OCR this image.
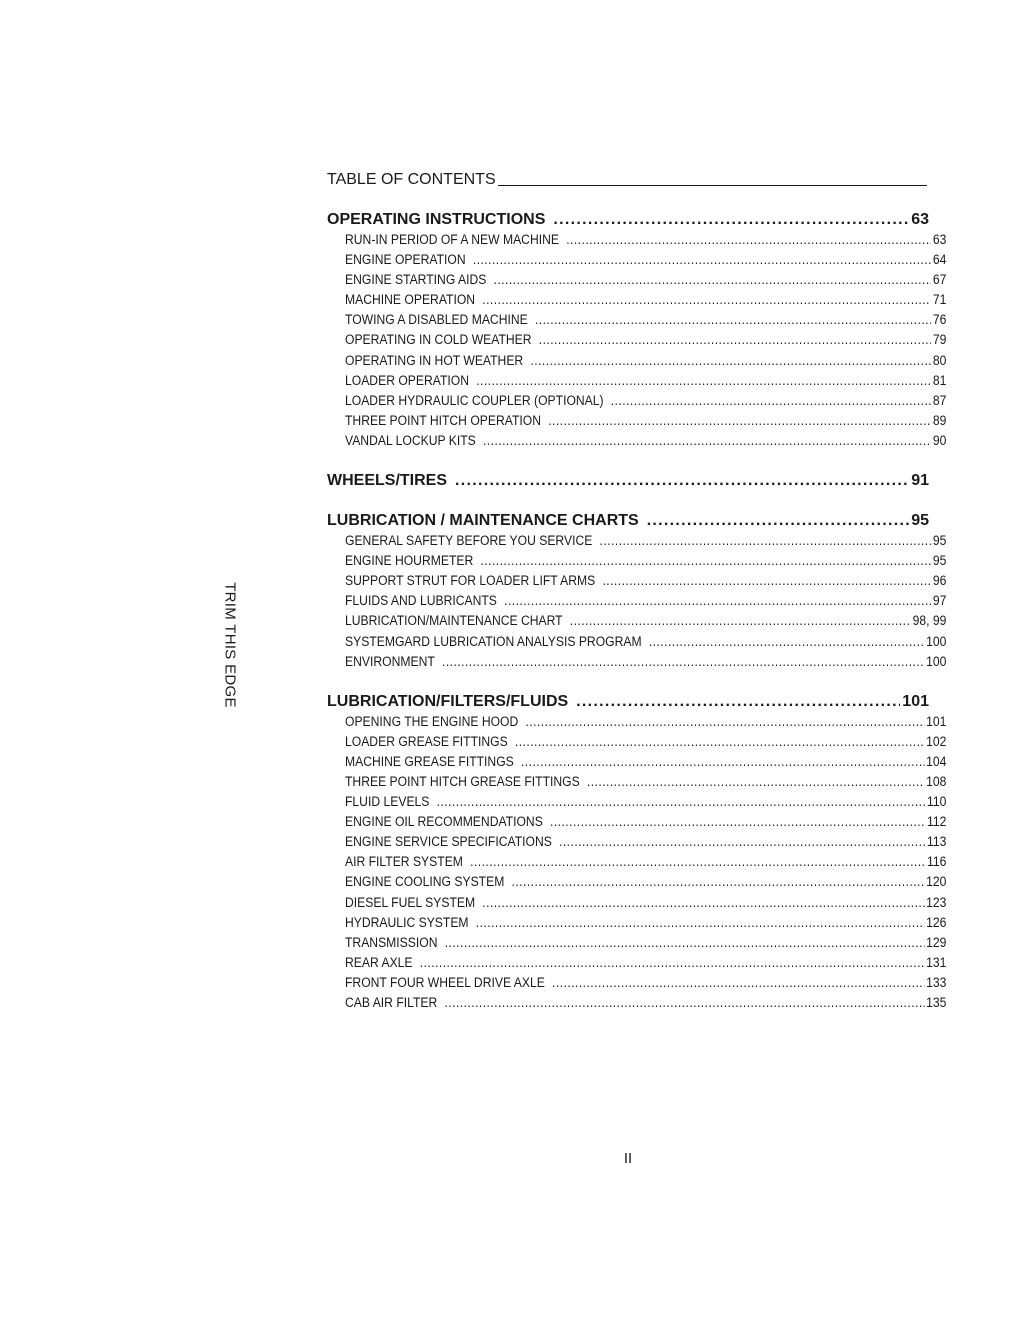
TABLE OF CONTENTS
TRIM THIS EDGE
OPERATING INSTRUCTIONS .....	63
RUN-IN PERIOD OF A NEW MACHINE .....	63
ENGINE OPERATION .....	64
ENGINE STARTING AIDS .....	67
MACHINE OPERATION .....	71
TOWING A DISABLED MACHINE .....	76
OPERATING IN COLD WEATHER .....	79
OPERATING IN HOT WEATHER .....	80
LOADER OPERATION .....	81
LOADER HYDRAULIC COUPLER (OPTIONAL) .....	87
THREE POINT HITCH OPERATION .....	89
VANDAL LOCKUP KITS .....	90
WHEELS/TIRES .....	91
LUBRICATION / MAINTENANCE CHARTS .....	95
GENERAL SAFETY BEFORE YOU SERVICE .....	95
ENGINE HOURMETER .....	95
SUPPORT STRUT FOR LOADER LIFT ARMS .....	96
FLUIDS AND LUBRICANTS .....	97
LUBRICATION/MAINTENANCE CHART .....	98, 99
SYSTEMGARD LUBRICATION ANALYSIS PROGRAM .....	100
ENVIRONMENT .....	100
LUBRICATION/FILTERS/FLUIDS .....	101
OPENING THE ENGINE HOOD .....	101
LOADER GREASE FITTINGS .....	102
MACHINE GREASE FITTINGS .....	104
THREE POINT HITCH GREASE FITTINGS .....	108
FLUID LEVELS .....	110
ENGINE OIL RECOMMENDATIONS .....	112
ENGINE SERVICE SPECIFICATIONS .....	113
AIR FILTER SYSTEM .....	116
ENGINE COOLING SYSTEM .....	120
DIESEL FUEL SYSTEM .....	123
HYDRAULIC SYSTEM .....	126
TRANSMISSION .....	129
REAR AXLE .....	131
FRONT FOUR WHEEL DRIVE AXLE .....	133
CAB AIR FILTER .....	135
II
